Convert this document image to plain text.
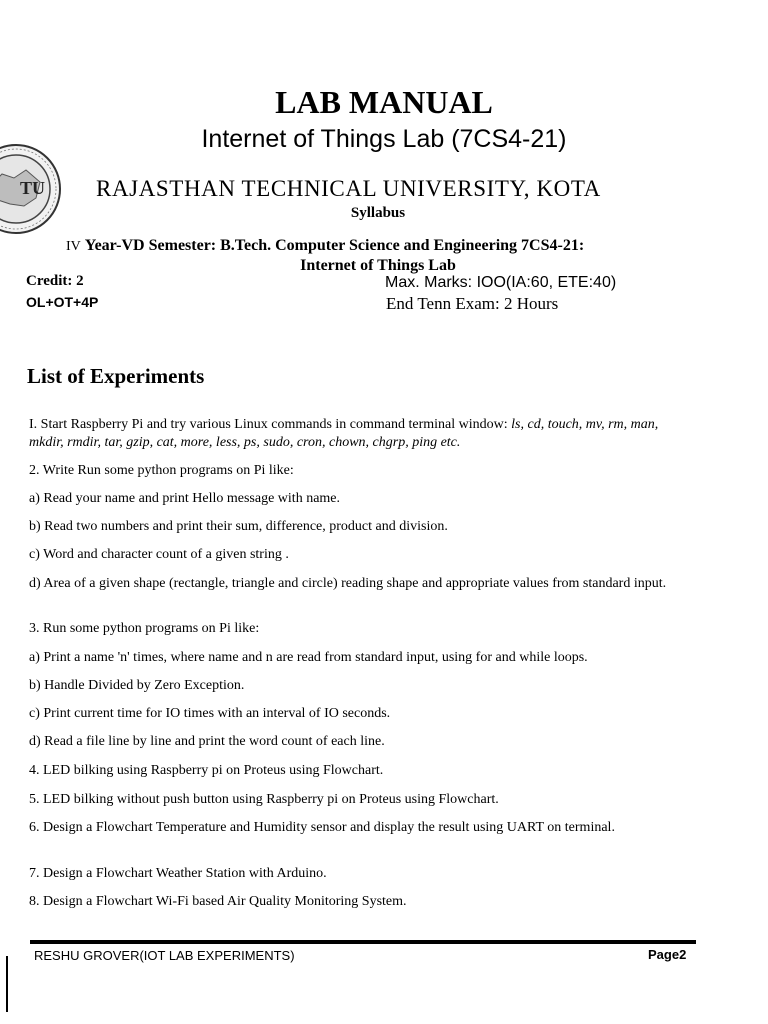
TU
LAB MANUAL
Internet of Things Lab (7CS4-21)
RAJASTHAN TECHNICAL UNIVERSITY, KOTA
Syllabus
IV Year-VD Semester: B.Tech. Computer Science and Engineering 7CS4-21:
Internet of Things Lab
Credit: 2
OL+OT+4P
Max. Marks: IOO(IA:60, ETE:40)
End Tenn Exam: 2 Hours
List of Experiments
I. Start Raspberry Pi and try various Linux commands in command terminal window: ls, cd, touch, mv, rm, man, mkdir, rmdir, tar, gzip, cat, more, less, ps, sudo, cron, chown, chgrp, ping etc.
2. Write Run some python programs on Pi like:
a) Read your name and print Hello message with name.
b) Read two numbers and print their sum, difference, product and division.
c) Word and character count of a given string .
d) Area of a given shape (rectangle, triangle and circle) reading shape and appropriate values from standard input.
3. Run some python programs on Pi like:
a) Print a name 'n' times, where name and n are read from standard input, using for and while loops.
b) Handle Divided by Zero Exception.
c) Print current time for IO times with an interval of IO seconds.
d) Read a file line by line and print the word count of each line.
4. LED bilking using Raspberry pi on Proteus using Flowchart.
5. LED bilking without push button using Raspberry pi on Proteus using Flowchart.
6. Design a Flowchart Temperature and Humidity sensor and display the result using UART on terminal.
7. Design a Flowchart Weather Station with Arduino.
8. Design a Flowchart Wi-Fi based Air Quality Monitoring System.
RESHU GROVER(IOT LAB EXPERIMENTS)	Page2
